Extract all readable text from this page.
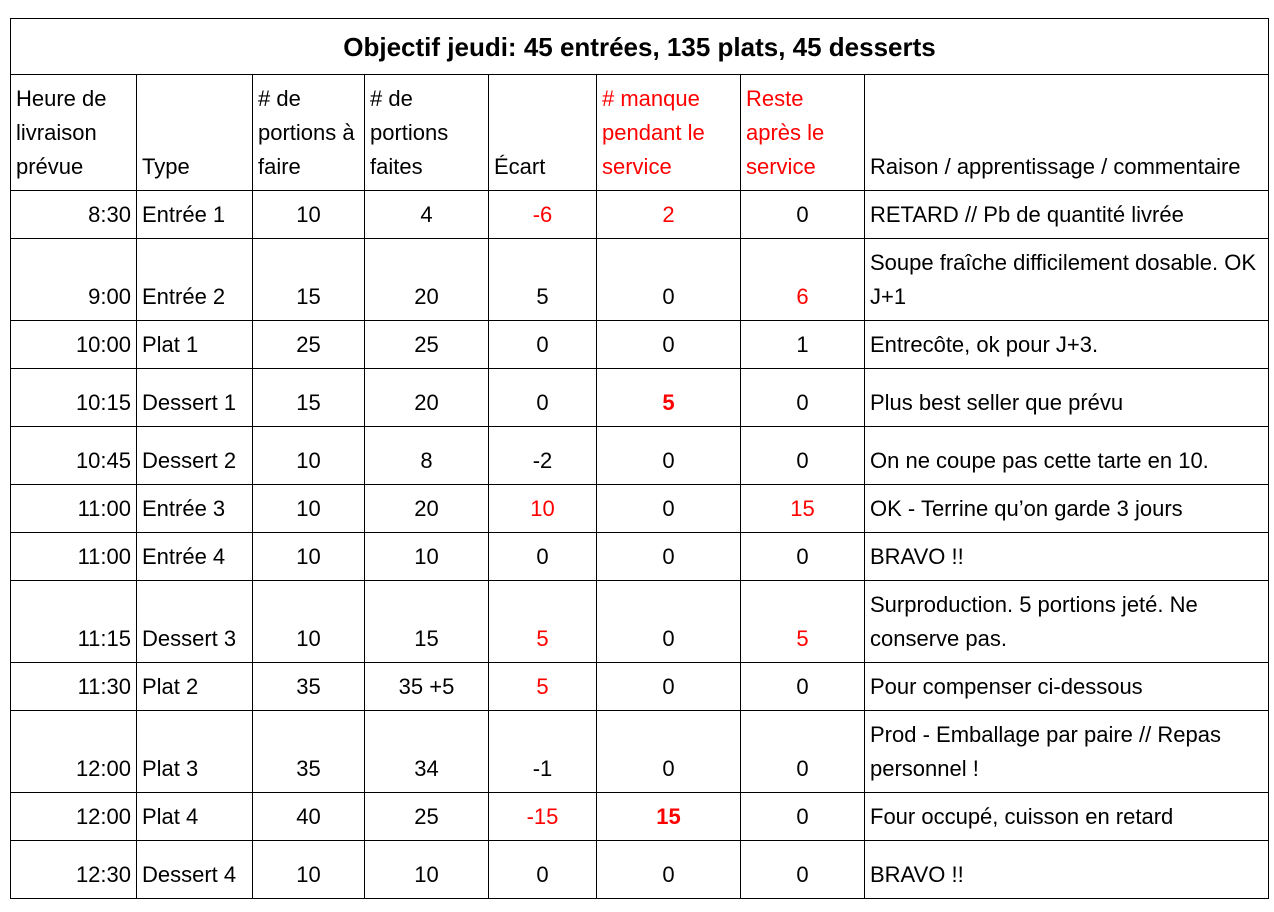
Objectif jeudi: 45 entrées, 135 plats, 45 desserts							
Heure de livraison prévue	Type	# de portions à faire	# de portions faites	Écart	# manque pendant le service	Reste après le service	Raison / apprentissage / commentaire
8:30	Entrée 1	10	4	-6	2	0	RETARD // Pb de quantité livrée
9:00	Entrée 2	15	20	5	0	6	Soupe fraîche difficilement dosable. OK J+1
10:00	Plat 1	25	25	0	0	1	Entrecôte, ok pour J+3.
10:15	Dessert 1	15	20	0	5	0	Plus best seller que prévu
10:45	Dessert 2	10	8	-2	0	0	On ne coupe pas cette tarte en 10.
11:00	Entrée 3	10	20	10	0	15	OK - Terrine qu’on garde 3 jours
11:00	Entrée 4	10	10	0	0	0	BRAVO !!
11:15	Dessert 3	10	15	5	0	5	Surproduction. 5 portions jeté. Ne conserve pas.
11:30	Plat 2	35	35 +5	5	0	0	Pour compenser ci-dessous
12:00	Plat 3	35	34	-1	0	0	Prod - Emballage par paire // Repas personnel !
12:00	Plat 4	40	25	-15	15	0	Four occupé, cuisson en retard
12:30	Dessert 4	10	10	0	0	0	BRAVO !!
